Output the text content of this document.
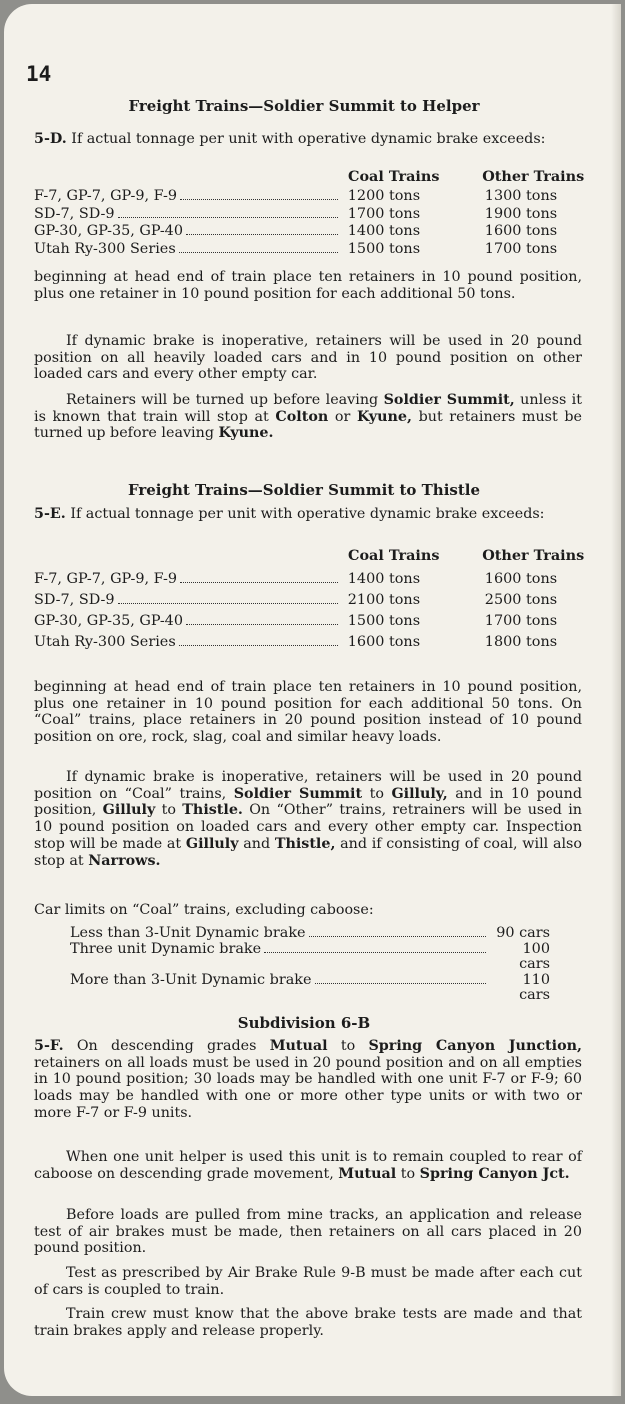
14
Freight Trains—Soldier Summit to Helper

5-D. If actual tonnage per unit with operative dynamic brake exceeds:

Coal Trains	Other Trains
F-7, GP-7, GP-9, F-9	1200 tons	1300 tons
SD-7, SD-9	1700 tons	1900 tons
GP-30, GP-35, GP-40	1400 tons	1600 tons
Utah Ry-300 Series	1500 tons	1700 tons

beginning at head end of train place ten retainers in 10 pound position, plus one retainer in 10 pound position for each additional 50 tons.

If dynamic brake is inoperative, retainers will be used in 20 pound position on all heavily loaded cars and in 10 pound position on other loaded cars and every other empty car.

Retainers will be turned up before leaving Soldier Summit, unless it is known that train will stop at Colton or Kyune, but retainers must be turned up before leaving Kyune.

Freight Trains—Soldier Summit to Thistle

5-E. If actual tonnage per unit with operative dynamic brake exceeds:

Coal Trains	Other Trains
F-7, GP-7, GP-9, F-9	1400 tons	1600 tons
SD-7, SD-9	2100 tons	2500 tons
GP-30, GP-35, GP-40	1500 tons	1700 tons
Utah Ry-300 Series	1600 tons	1800 tons

beginning at head end of train place ten retainers in 10 pound position, plus one retainer in 10 pound position for each additional 50 tons. On “Coal” trains, place retainers in 20 pound position instead of 10 pound position on ore, rock, slag, coal and similar heavy loads.

If dynamic brake is inoperative, retainers will be used in 20 pound position on “Coal” trains, Soldier Summit to Gilluly, and in 10 pound position, Gilluly to Thistle. On “Other” trains, retrainers will be used in 10 pound position on loaded cars and every other empty car. Inspection stop will be made at Gilluly and Thistle, and if consisting of coal, will also stop at Narrows.

Car limits on “Coal” trains, excluding caboose:

Less than 3-Unit Dynamic brake	90 cars
Three unit Dynamic brake	100 cars
More than 3-Unit Dynamic brake	110 cars
Subdivision 6-B

5-F. On descending grades Mutual to Spring Canyon Junction, retainers on all loads must be used in 20 pound position and on all empties in 10 pound position; 30 loads may be handled with one unit F-7 or F-9; 60 loads may be handled with one or more other type units or with two or more F-7 or F-9 units.

When one unit helper is used this unit is to remain coupled to rear of caboose on descending grade movement, Mutual to Spring Canyon Jct.

Before loads are pulled from mine tracks, an application and release test of air brakes must be made, then retainers on all cars placed in 20 pound position.

Test as prescribed by Air Brake Rule 9-B must be made after each cut of cars is coupled to train.

Train crew must know that the above brake tests are made and that train brakes apply and release properly.
